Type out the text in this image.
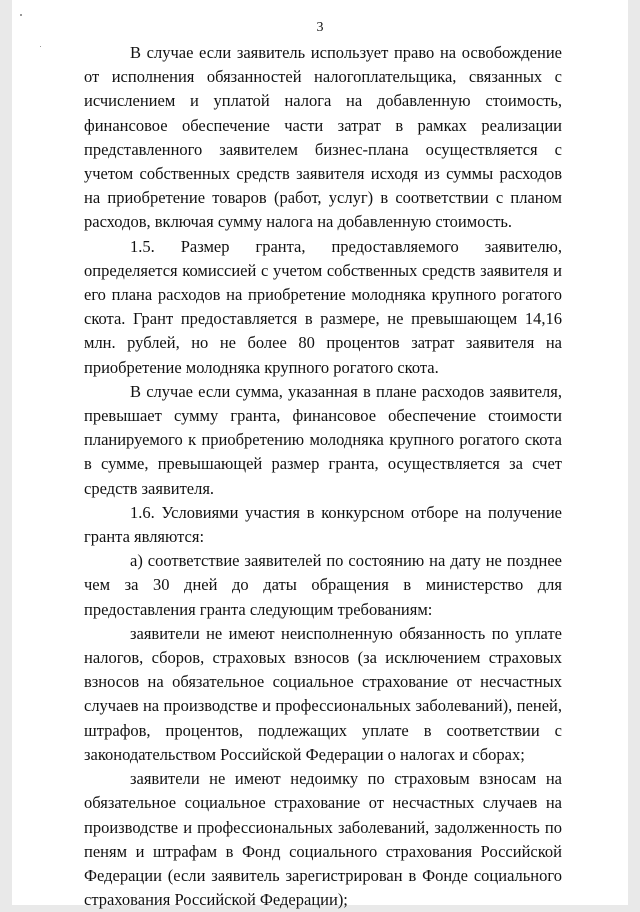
3

В случае если заявитель использует право на освобождение от исполнения обязанностей налогоплательщика, связанных с исчислением и уплатой налога на добавленную стоимость, финансовое обеспечение части затрат в рамках реализации представленного заявителем бизнес-плана осуществляется с учетом собственных средств заявителя исходя из суммы расходов на приобретение товаров (работ, услуг) в соответствии с планом расходов, включая сумму налога на добавленную стоимость.

1.5. Размер гранта, предоставляемого заявителю, определяется комиссией с учетом собственных средств заявителя и его плана расходов на приобретение молодняка крупного рогатого скота. Грант предоставляется в размере, не превышающем 14,16 млн. рублей, но не более 80 процентов затрат заявителя на приобретение молодняка крупного рогатого скота.

В случае если сумма, указанная в плане расходов заявителя, превышает сумму гранта, финансовое обеспечение стоимости планируемого к приобретению молодняка крупного рогатого скота в сумме, превышающей размер гранта, осуществляется за счет средств заявителя.

1.6. Условиями участия в конкурсном отборе на получение гранта являются:

а) соответствие заявителей по состоянию на дату не позднее чем за 30 дней до даты обращения в министерство для предоставления гранта следующим требованиям:

заявители не имеют неисполненную обязанность по уплате налогов, сборов, страховых взносов (за исключением страховых взносов на обязательное социальное страхование от несчастных случаев на производстве и профессиональных заболеваний), пеней, штрафов, процентов, подлежащих уплате в соответствии с законодательством Российской Федерации о налогах и сборах;

заявители не имеют недоимку по страховым взносам на обязательное социальное страхование от несчастных случаев на производстве и профессиональных заболеваний, задолженность по пеням и штрафам в Фонд социального страхования Российской Федерации (если заявитель зарегистрирован в Фонде социального страхования Российской Федерации);
